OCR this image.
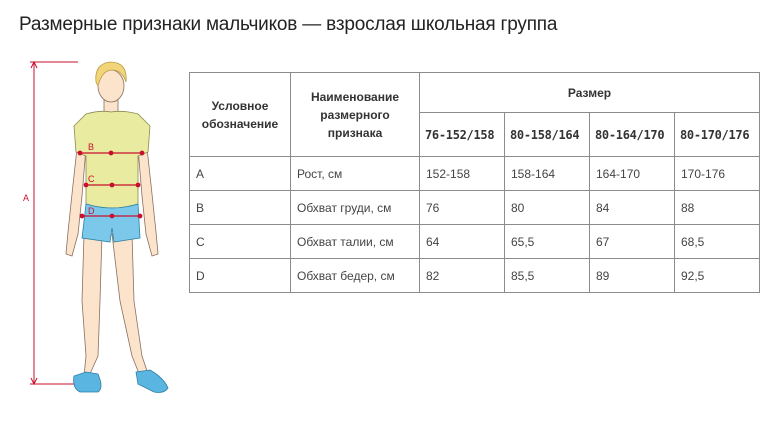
Размерные признаки мальчиков — взрослая школьная группа
A
B
C
D
Условное обозначение	Наименование размерного признака	Размер			
		76-152/158	80-158/164	80-164/170	80-170/176
A	Рост, см	152-158	158-164	164-170	170-176
B	Обхват груди, см	76	80	84	88
C	Обхват талии, см	64	65,5	67	68,5
D	Обхват бедер, см	82	85,5	89	92,5
